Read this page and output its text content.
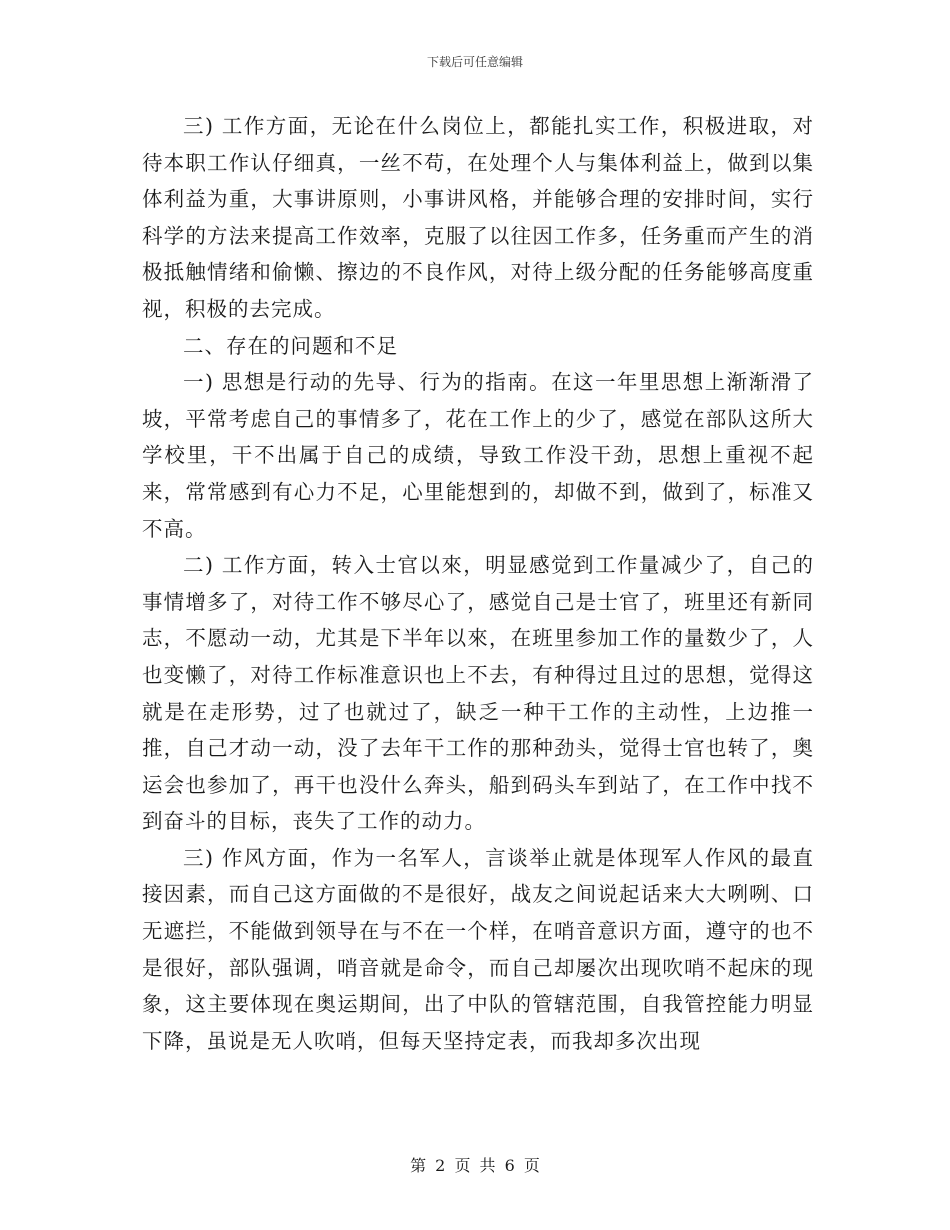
下载后可任意编辑

三) 工作方面，无论在什么岗位上，都能扎实工作，积极进取，对待本职工作认仔细真，一丝不苟，在处理个人与集体利益上，做到以集体利益为重，大事讲原则，小事讲风格，并能够合理的安排时间，实行科学的方法来提高工作效率，克服了以往因工作多，任务重而产生的消极抵触情绪和偷懒、擦边的不良作风，对待上级分配的任务能够高度重视，积极的去完成。

二、存在的问题和不足

一) 思想是行动的先导、行为的指南。在这一年里思想上渐渐滑了坡，平常考虑自己的事情多了，花在工作上的少了，感觉在部队这所大学校里，干不出属于自己的成绩，导致工作没干劲，思想上重视不起来，常常感到有心力不足，心里能想到的，却做不到，做到了，标准又不高。

二) 工作方面，转入士官以來，明显感觉到工作量减少了，自己的事情增多了，对待工作不够尽心了，感觉自己是士官了，班里还有新同志，不愿动一动，尤其是下半年以來，在班里参加工作的量数少了，人也变懒了，对待工作标准意识也上不去，有种得过且过的思想，觉得这就是在走形势，过了也就过了，缺乏一种干工作的主动性，上边推一推，自己才动一动，没了去年干工作的那种劲头，觉得士官也转了，奥运会也参加了，再干也没什么奔头，船到码头车到站了，在工作中找不到奋斗的目标，丧失了工作的动力。

三) 作风方面，作为一名军人，言谈举止就是体现军人作风的最直接因素，而自己这方面做的不是很好，战友之间说起话来大大咧咧、口无遮拦，不能做到领导在与不在一个样，在哨音意识方面，遵守的也不是很好，部队强调，哨音就是命令，而自己却屡次出现吹哨不起床的现象，这主要体现在奥运期间，出了中队的管辖范围，自我管控能力明显下降，虽说是无人吹哨，但每天坚持定表，而我却多次出现

第 2 页 共 6 页
